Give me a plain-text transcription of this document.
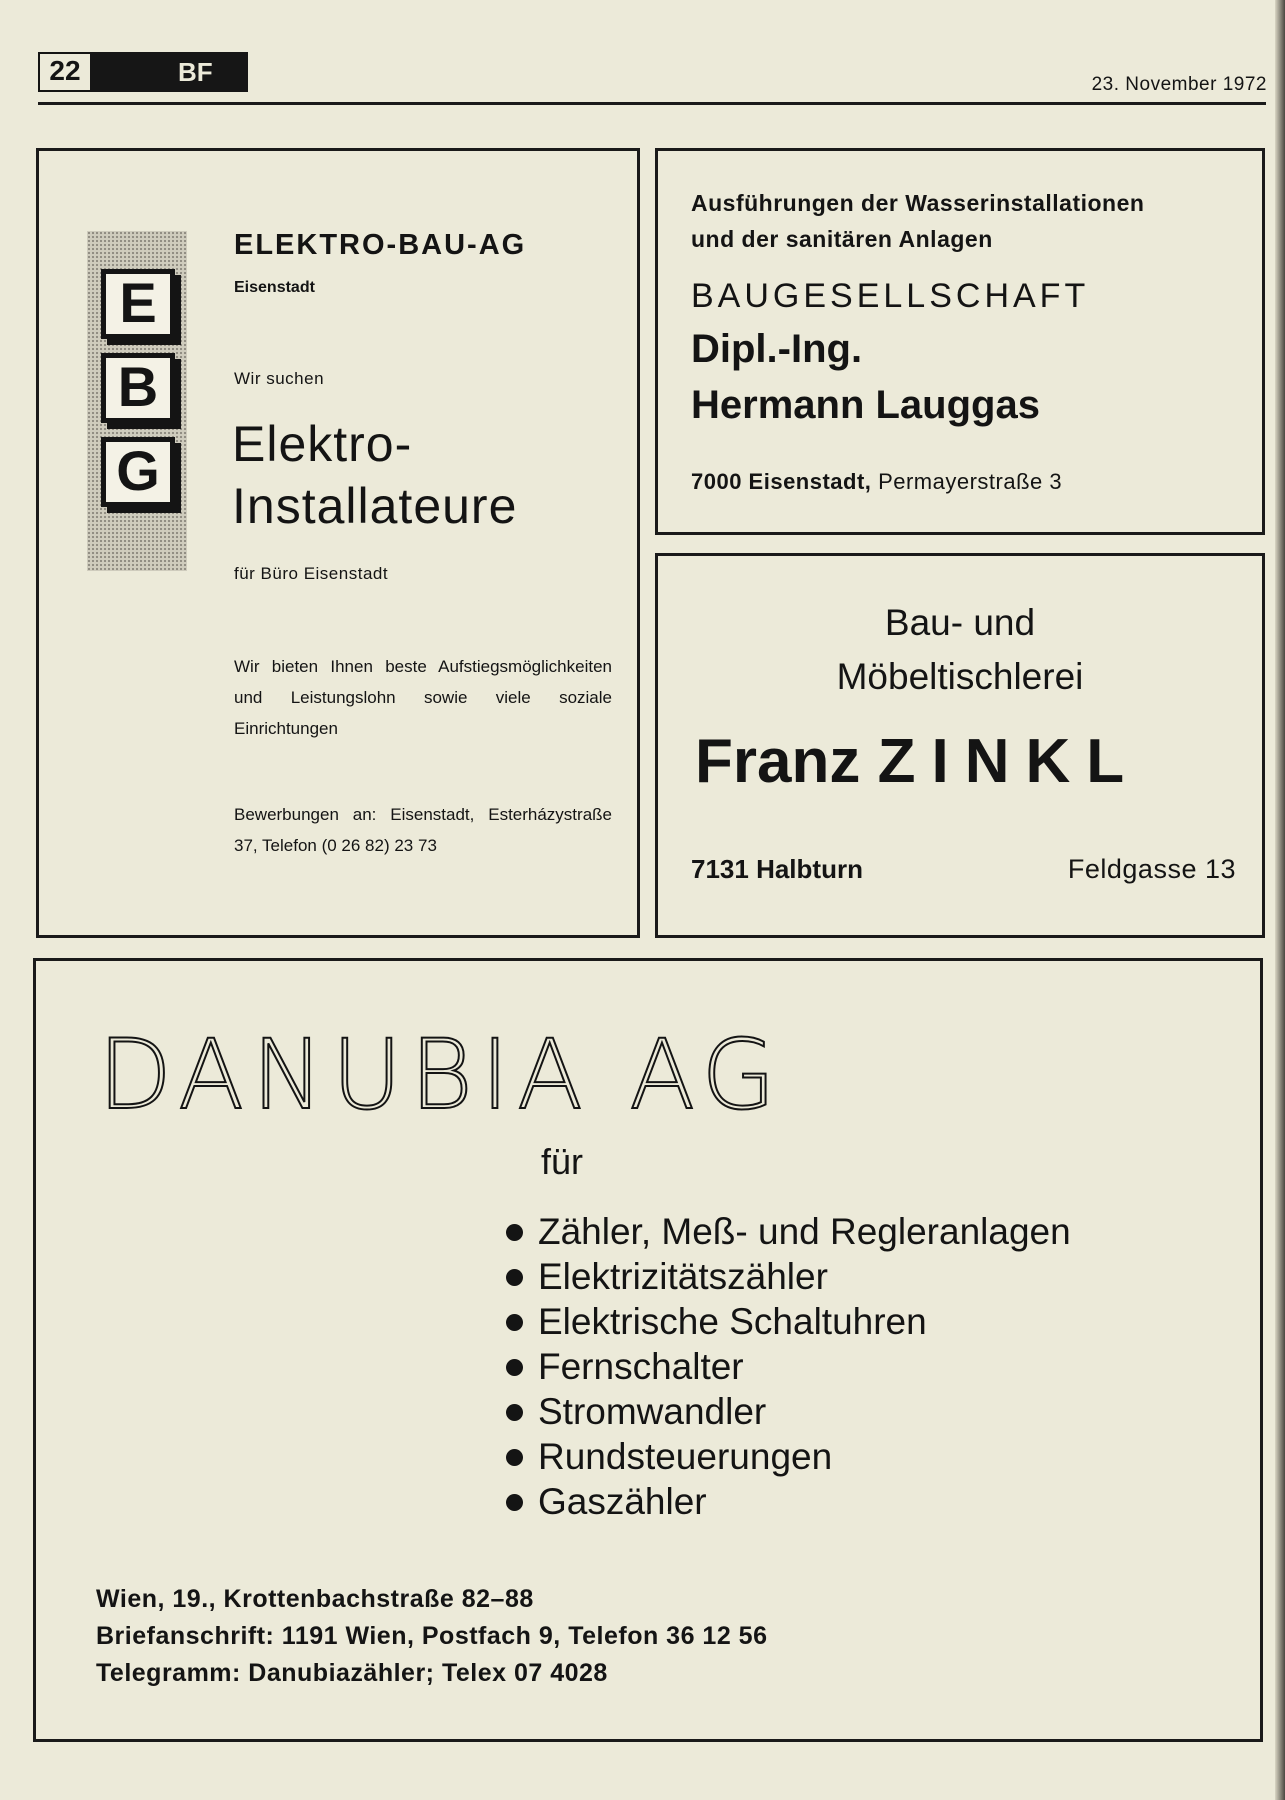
22	BF	23. November 1972
E
B
G
ELEKTRO-BAU-AG
Eisenstadt
Wir suchen
Elektro-
Installateure
für Büro Eisenstadt
Wir bieten Ihnen beste Aufstiegsmöglichkeiten und Leistungslohn sowie viele soziale Einrichtungen
Bewerbungen an: Eisenstadt, Esterházystraße 37, Telefon (0 26 82) 23 73
Ausführungen der Wasserinstallationen
und der sanitären Anlagen
BAUGESELLSCHAFT
Dipl.-Ing.
Hermann Lauggas
7000 Eisenstadt, Permayerstraße 3
Bau- und
Möbeltischlerei
Franz ZINKL
7131 Halbturn	Feldgasse 13
DANUBIA AG
für
Zähler, Meß- und Regleranlagen
Elektrizitätszähler
Elektrische Schaltuhren
Fernschalter
Stromwandler
Rundsteuerungen
Gaszähler
Wien, 19., Krottenbachstraße 82–88
Briefanschrift: 1191 Wien, Postfach 9, Telefon 36 12 56
Telegramm: Danubiazähler; Telex 07 4028
